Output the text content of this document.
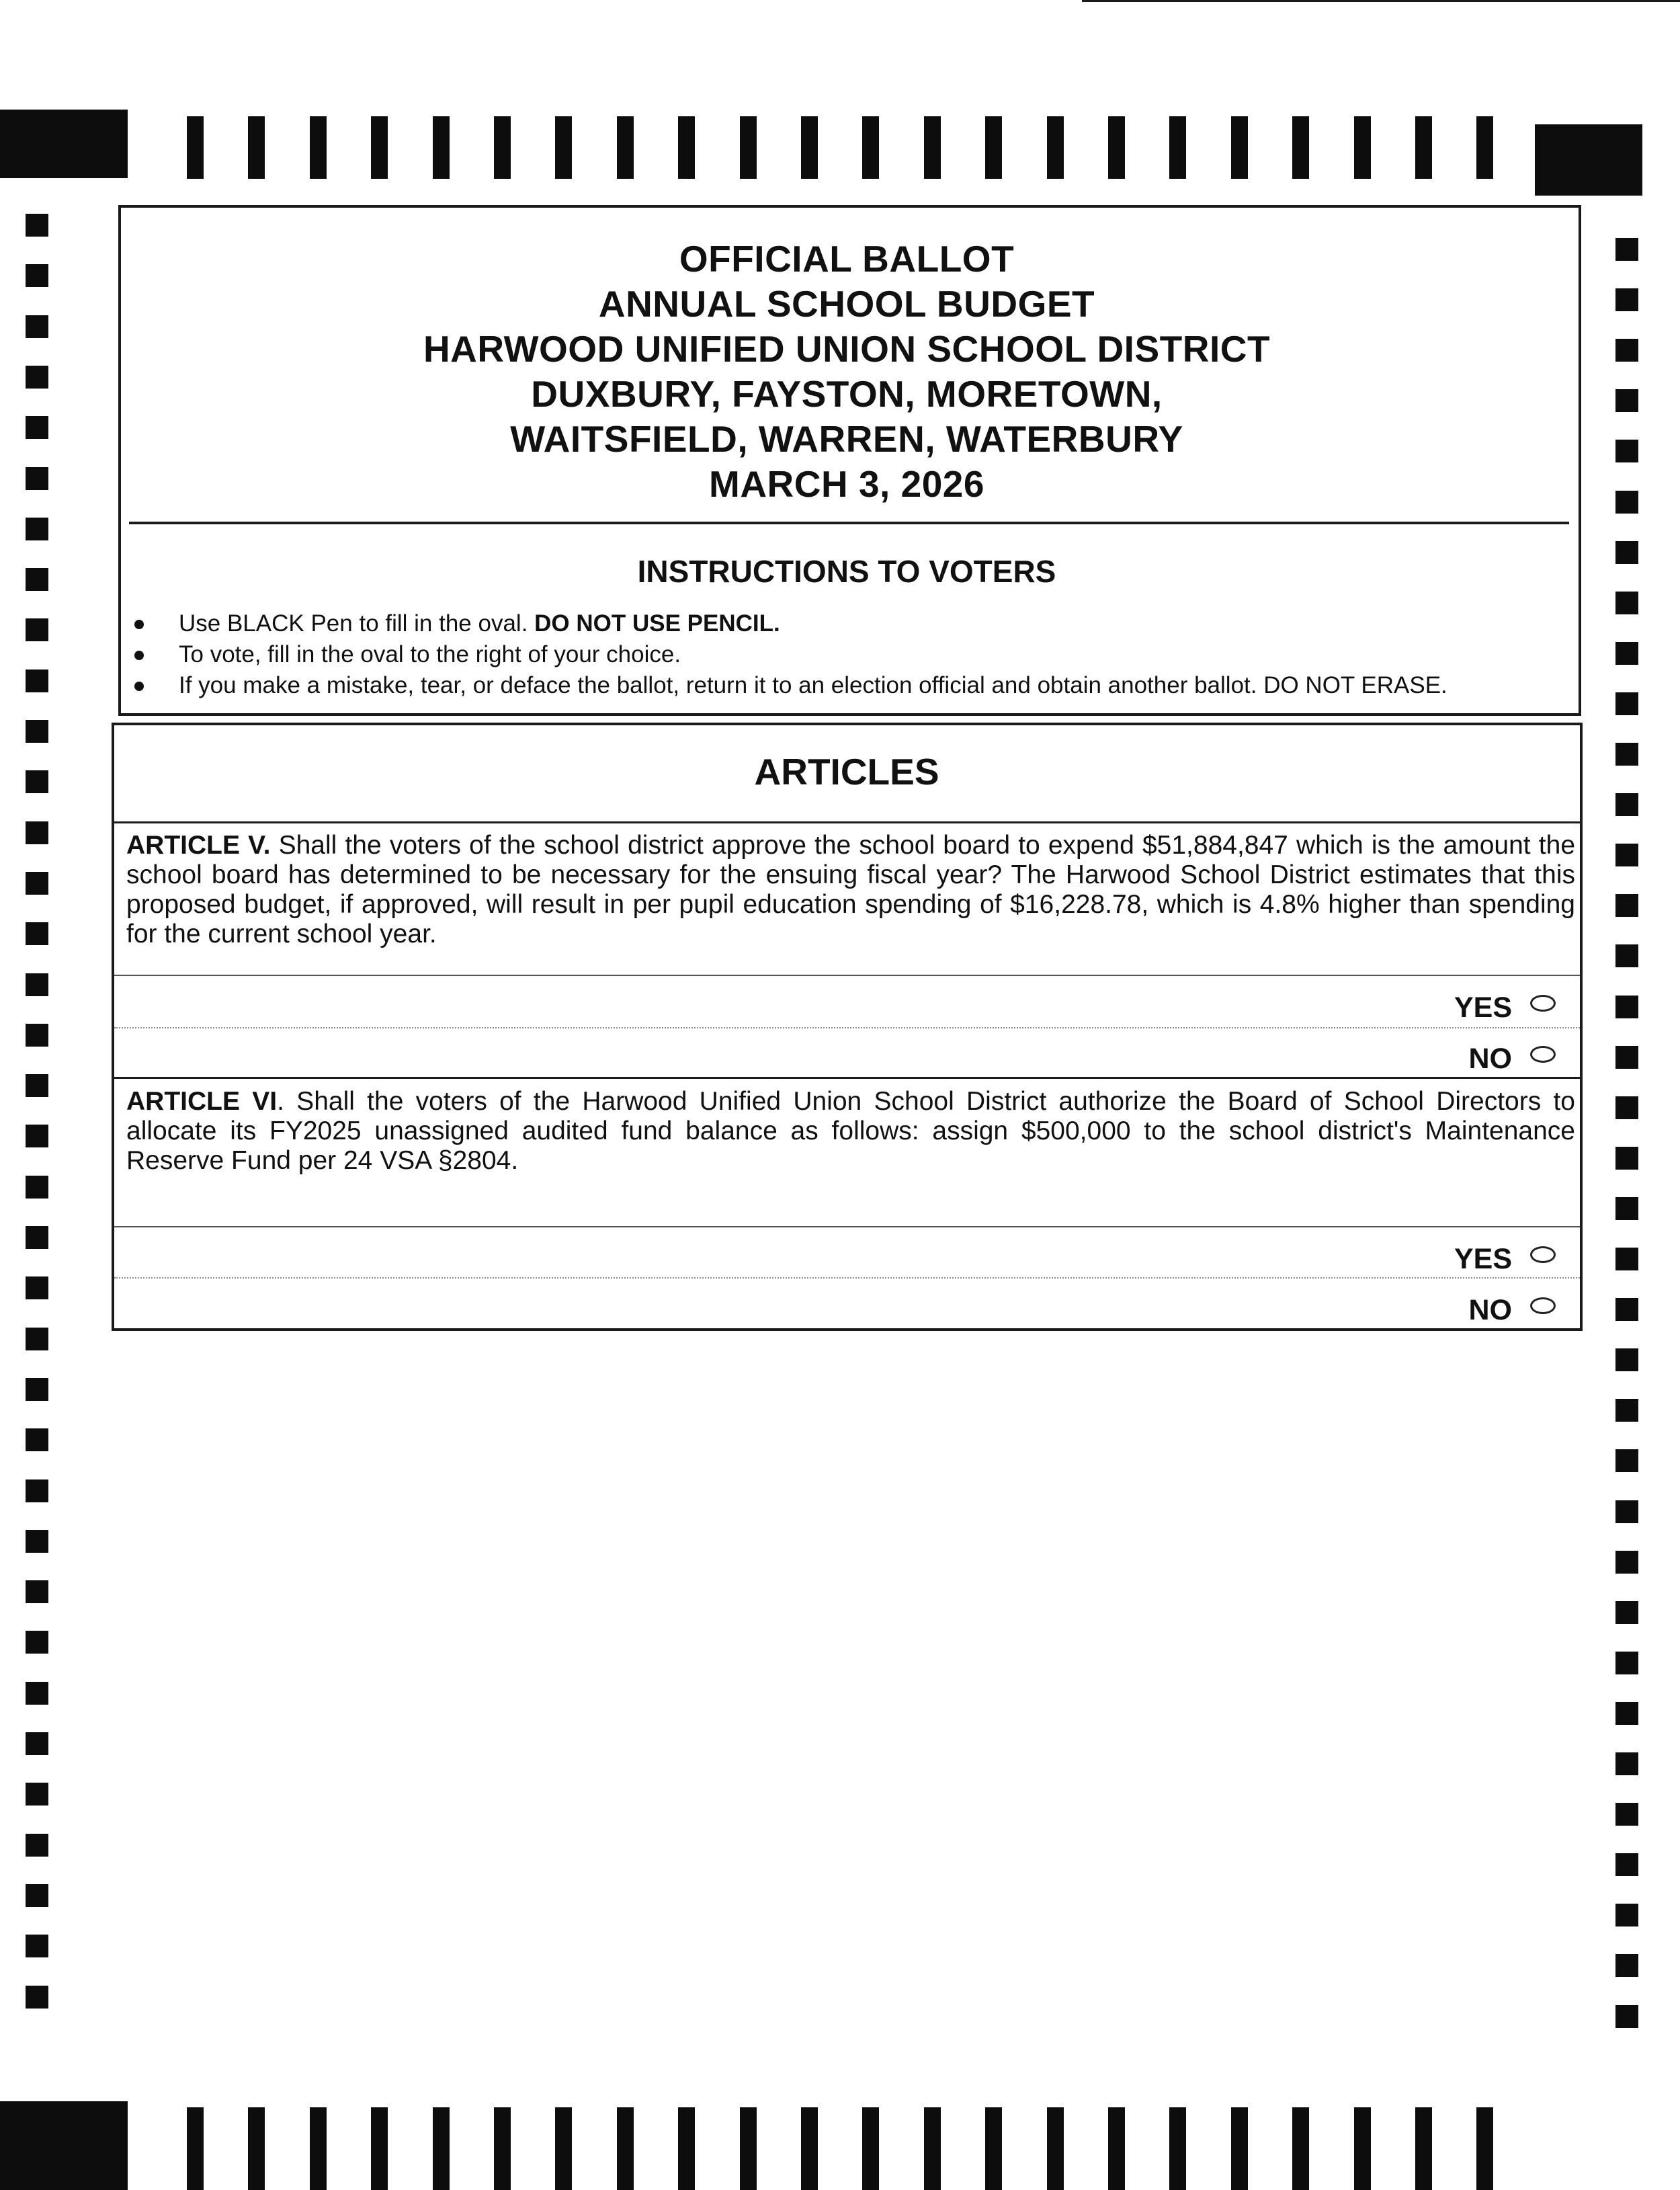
OFFICIAL BALLOT
ANNUAL SCHOOL BUDGET
HARWOOD UNIFIED UNION SCHOOL DISTRICT
DUXBURY, FAYSTON, MORETOWN,
WAITSFIELD, WARREN, WATERBURY
MARCH 3, 2026
INSTRUCTIONS TO VOTERS
Use BLACK Pen to fill in the oval. DO NOT USE PENCIL.
To vote, fill in the oval to the right of your choice.
If you make a mistake, tear, or deface the ballot, return it to an election official and obtain another ballot. DO NOT ERASE.
ARTICLES
ARTICLE V. Shall the voters of the school district approve the school board to expend $51,884,847 which is the amount the school board has determined to be necessary for the ensuing fiscal year? The Harwood School District estimates that this proposed budget, if approved, will result in per pupil education spending of $16,228.78, which is 4.8% higher than spending for the current school year.
YES
NO
ARTICLE VI. Shall the voters of the Harwood Unified Union School District authorize the Board of School Directors to allocate its FY2025 unassigned audited fund balance as follows: assign $500,000 to the school district's Maintenance Reserve Fund per 24 VSA §2804.
YES
NO
